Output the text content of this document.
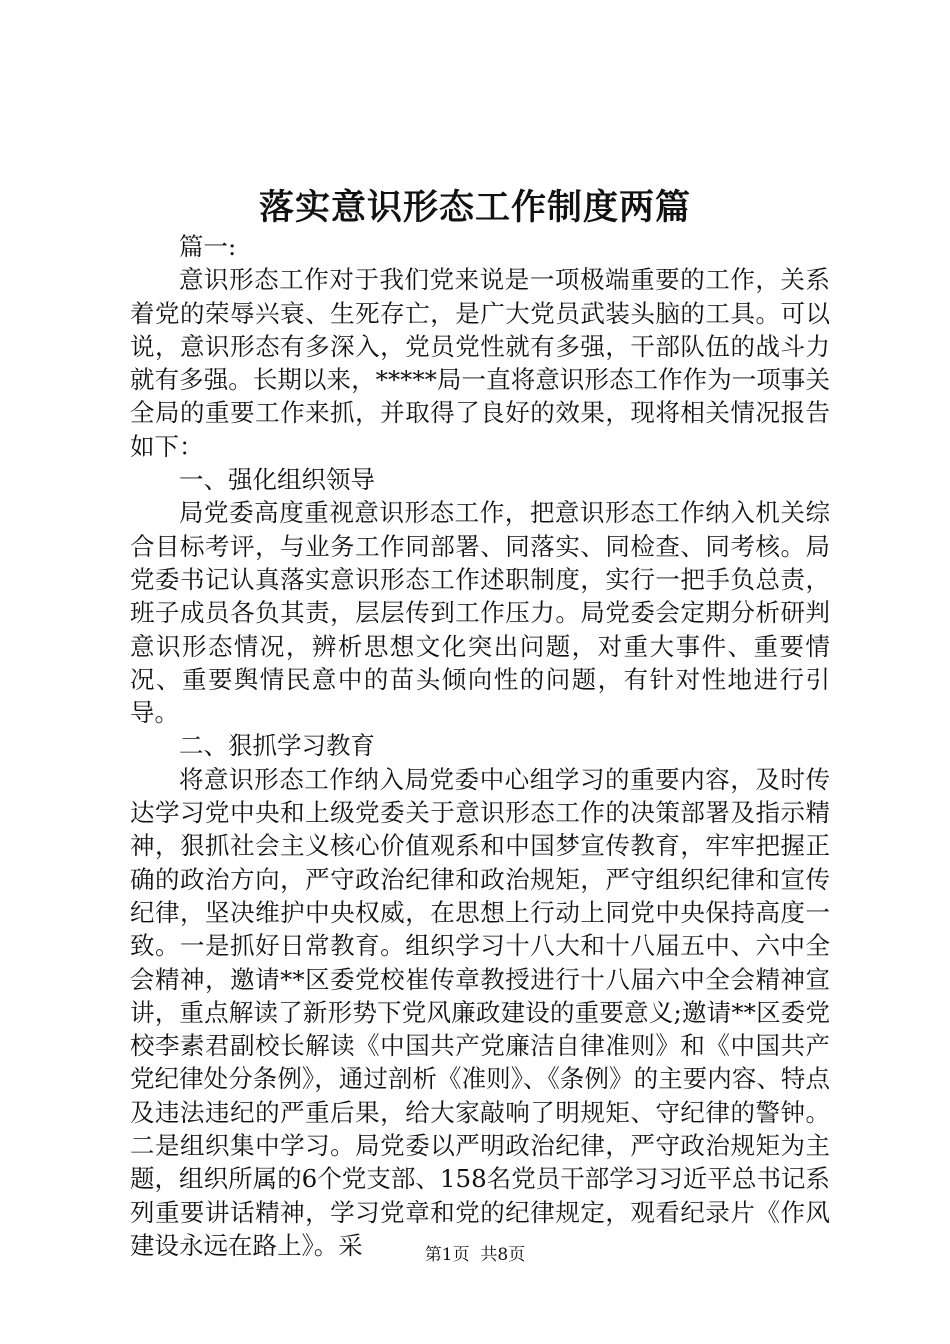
落实意识形态工作制度两篇

篇一:

意识形态工作对于我们党来说是一项极端重要的工作，关系着党的荣辱兴衰、生死存亡，是广大党员武装头脑的工具。可以说，意识形态有多深入，党员党性就有多强，干部队伍的战斗力就有多强。长期以来，*****局一直将意识形态工作作为一项事关全局的重要工作来抓，并取得了良好的效果，现将相关情况报告如下：

一、强化组织领导

局党委高度重视意识形态工作，把意识形态工作纳入机关综合目标考评，与业务工作同部署、同落实、同检查、同考核。局党委书记认真落实意识形态工作述职制度，实行一把手负总责，班子成员各负其责，层层传到工作压力。局党委会定期分析研判意识形态情况，辨析思想文化突出问题，对重大事件、重要情况、重要舆情民意中的苗头倾向性的问题，有针对性地进行引导。

二、狠抓学习教育

将意识形态工作纳入局党委中心组学习的重要内容，及时传达学习党中央和上级党委关于意识形态工作的决策部署及指示精神，狠抓社会主义核心价值观系和中国梦宣传教育，牢牢把握正确的政治方向，严守政治纪律和政治规矩，严守组织纪律和宣传纪律，坚决维护中央权威，在思想上行动上同党中央保持高度一致。一是抓好日常教育。组织学习十八大和十八届五中、六中全会精神，邀请**区委党校崔传章教授进行十八届六中全会精神宣讲，重点解读了新形势下党风廉政建设的重要意义;邀请**区委党校李素君副校长解读《中国共产党廉洁自律准则》和《中国共产党纪律处分条例》，通过剖析《准则》、《条例》的主要内容、特点及违法违纪的严重后果，给大家敲响了明规矩、守纪律的警钟。二是组织集中学习。局党委以严明政治纪律，严守政治规矩为主题，组织所属的6个党支部、158名党员干部学习习近平总书记系列重要讲话精神，学习党章和党的纪律规定，观看纪录片《作风建设永远在路上》。采	第1页  共8页
